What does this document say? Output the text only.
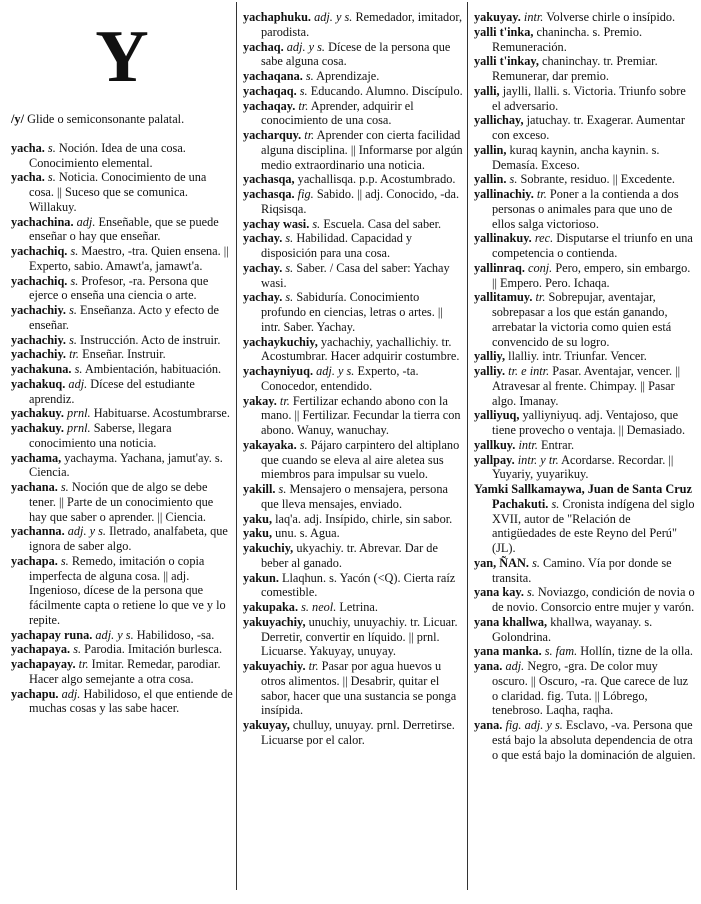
Y

/y/ Glide o semiconsonante palatal.

yacha. s. Noción. Idea de una cosa. Conocimiento elemental.

yacha. s. Noticia. Conocimiento de una cosa. || Suceso que se comunica. Willakuy.

yachachina. adj. Enseñable, que se puede enseñar o hay que enseñar.

yachachiq. s. Maestro, -tra. Quien ensena. || Experto, sabio. Amawt'a, jamawt'a.

yachachiq. s. Profesor, -ra. Persona que ejerce o enseña una ciencia o arte.

yachachiy. s. Enseñanza. Acto y efecto de enseñar.

yachachiy. s. Instrucción. Acto de instruir.

yachachiy. tr. Enseñar. Instruir.

yachakuna. s. Ambientación, habituación.

yachakuq. adj. Dícese del estudiante aprendiz.

yachakuy. prnl. Habituarse. Acostumbrarse.

yachakuy. prnl. Saberse, llegara conocimiento una noticia.

yachama, yachayma. Yachana, jamut'ay. s. Ciencia.

yachana. s. Noción que de algo se debe tener. || Parte de un conocimiento que hay que saber o aprender. || Ciencia.

yachanna. adj. y s. Iletrado, analfabeta, que ignora de saber algo.

yachapa. s. Remedo, imitación o copia imperfecta de alguna cosa. || adj. Ingenioso, dícese de la persona que fácilmente capta o retiene lo que ve y lo repite.

yachapay runa. adj. y s. Habilidoso, -sa.

yachapaya. s. Parodia. Imitación burlesca.

yachapayay. tr. Imitar. Remedar, parodiar. Hacer algo semejante a otra cosa.

yachapu. adj. Habilidoso, el que entiende de muchas cosas y las sabe hacer.

yachaphuku. adj. y s. Remedador, imitador, parodista.

yachaq. adj. y s. Dícese de la persona que sabe alguna cosa.

yachaqana. s. Aprendizaje.

yachaqaq. s. Educando. Alumno. Discípulo.

yachaqay. tr. Aprender, adquirir el conocimiento de una cosa.

yacharquy. tr. Aprender con cierta facilidad alguna disciplina. || Informarse por algún medio extraordinario una noticia.

yachasqa, yachallisqa. p.p. Acostumbrado.

yachasqa. fig. Sabido. || adj. Conocido, -da. Riqsisqa.

yachay wasi. s. Escuela. Casa del saber.

yachay. s. Habilidad. Capacidad y disposición para una cosa.

yachay. s. Saber. / Casa del saber: Yachay wasi.

yachay. s. Sabiduría. Conocimiento profundo en ciencias, letras o artes. || intr. Saber. Yachay.

yachaykuchiy, yachachiy, yachallichiy. tr. Acostumbrar. Hacer adquirir costumbre.

yachayniyuq. adj. y s. Experto, -ta. Conocedor, entendido.

yakay. tr. Fertilizar echando abono con la mano. || Fertilizar. Fecundar la tierra con abono. Wanuy, wanuchay.

yakayaka. s. Pájaro carpintero del altiplano que cuando se eleva al aire aletea sus miembros para impulsar su vuelo.

yakill. s. Mensajero o mensajera, persona que lleva mensajes, enviado.

yaku, laq'a. adj. Insípido, chirle, sin sabor.

yaku, unu. s. Agua.

yakuchiy, ukyachiy. tr. Abrevar. Dar de beber al ganado.

yakun. Llaqhun. s. Yacón (<Q). Cierta raíz comestible.

yakupaka. s. neol. Letrina.

yakuyachiy, unuchiy, unuyachiy. tr. Licuar. Derretir, convertir en líquido. || prnl. Licuarse. Yakuyay, unuyay.

yakuyachiy. tr. Pasar por agua huevos u otros alimentos. || Desabrir, quitar el sabor, hacer que una sustancia se ponga insípida.

yakuyay, chulluy, unuyay. prnl. Derretirse. Licuarse por el calor.

yakuyay. intr. Volverse chirle o insípido.

yalli t'inka, chanincha. s. Premio. Remuneración.

yalli t'inkay, chaninchay. tr. Premiar. Remunerar, dar premio.

yalli, jaylli, llalli. s. Victoria. Triunfo sobre el adversario.

yallichay, jatuchay. tr. Exagerar. Aumentar con exceso.

yallin, kuraq kaynin, ancha kaynin. s. Demasía. Exceso.

yallin. s. Sobrante, residuo. || Excedente.

yallinachiy. tr. Poner a la contienda a dos personas o animales para que uno de ellos salga victorioso.

yallinakuy. rec. Disputarse el triunfo en una competencia o contienda.

yallinraq. conj. Pero, empero, sin embargo. || Empero. Pero. Ichaqa.

yallitamuy. tr. Sobrepujar, aventajar, sobrepasar a los que están ganando, arrebatar la victoria como quien está convencido de su logro.

yalliy, llalliy. intr. Triunfar. Vencer.

yalliy. tr. e intr. Pasar. Aventajar, vencer. || Atravesar al frente. Chimpay. || Pasar algo. Imanay.

yalliyuq, yalliyniyuq. adj. Ventajoso, que tiene provecho o ventaja. || Demasiado.

yallkuy. intr. Entrar.

yallpay. intr. y tr. Acordarse. Recordar. || Yuyariy, yuyarikuy.

Yamki Sallkamaywa, Juan de Santa Cruz Pachakuti. s. Cronista indígena del siglo XVII, autor de "Relación de antigüedades de este Reyno del Perú" (JL).

yan, ÑAN. s. Camino. Vía por donde se transita.

yana kay. s. Noviazgo, condición de novia o de novio. Consorcio entre mujer y varón.

yana khallwa, khallwa, wayanay. s. Golondrina.

yana manka. s. fam. Hollín, tizne de la olla.

yana. adj. Negro, -gra. De color muy oscuro. || Oscuro, -ra. Que carece de luz o claridad. fig. Tuta. || Lóbrego, tenebroso. Laqha, raqha.

yana. fig. adj. y s. Esclavo, -va. Persona que está bajo la absoluta dependencia de otra o que está bajo la dominación de alguien.
